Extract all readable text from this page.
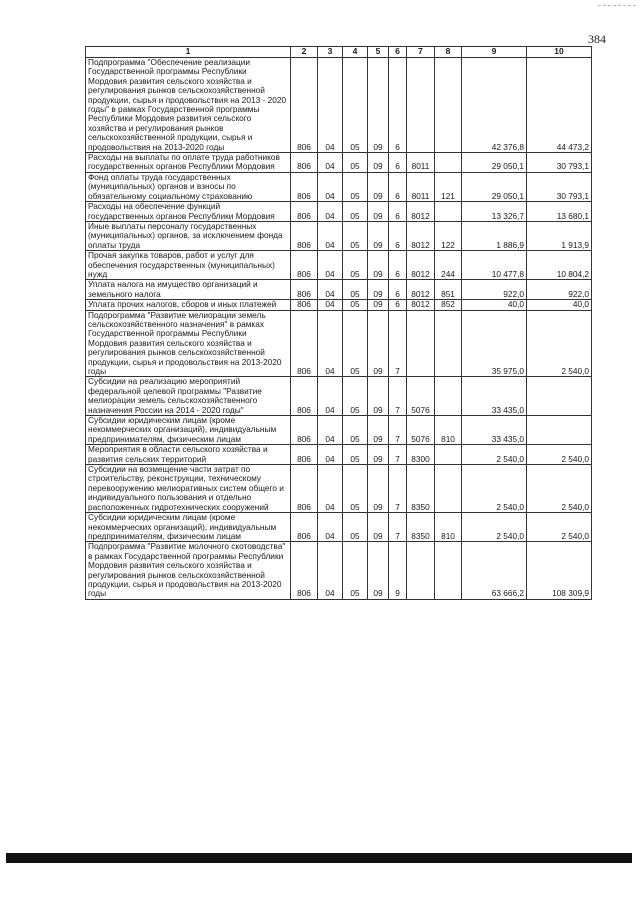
384
1	2	3	4	5	6	7	8	9	10
Подпрограмма "Обеспечение реализации Государственной программы Республики Мордовия развития сельского хозяйства и регулирования рынков сельскохозяйственной продукции, сырья и продовольствия на 2013 - 2020 годы" в рамках Государственной программы Республики Мордовия развития сельского хозяйства и регулирования рынков сельскохозяйственной продукции, сырья и продовольствия на 2013-2020 годы	806	04	05	09	6			42 376,8	44 473,2
Расходы на выплаты по оплате труда работников государственных органов Республики Мордовия	806	04	05	09	6	8011		29 050,1	30 793,1
Фонд оплаты труда государственных (муниципальных) органов и взносы по обязательному социальному страхованию	806	04	05	09	6	8011	121	29 050,1	30 793,1
Расходы на обеспечение функций государственных органов Республики Мордовия	806	04	05	09	6	8012		13 326,7	13 680,1
Иные выплаты персоналу государственных (муниципальных) органов, за исключением фонда оплаты труда	806	04	05	09	6	8012	122	1 886,9	1 913,9
Прочая закупка товаров, работ и услуг для обеспечения государственных (муниципальных) нужд	806	04	05	09	6	8012	244	10 477,8	10 804,2
Уплата налога на имущество организаций и земельного налога	806	04	05	09	6	8012	851	922,0	922,0
Уплата прочих налогов, сборов и иных платежей	806	04	05	09	6	8012	852	40,0	40,0
Подпрограмма "Развитие мелиорации земель сельскохозяйственного назначения" в рамках Государственной программы Республики Мордовия развития сельского хозяйства и регулирования рынков сельскохозяйственной продукции, сырья и продовольствия на 2013-2020 годы	806	04	05	09	7			35 975,0	2 540,0
Субсидии на реализацию мероприятий федеральной целевой программы "Развитие мелиорации земель сельскохозяйственного назначения России на 2014 - 2020 годы"	806	04	05	09	7	5076		33 435,0	
Субсидии юридическим лицам (кроме некоммерческих организаций), индивидуальным предпринимателям, физическим лицам	806	04	05	09	7	5076	810	33 435,0	
Мероприятия в области сельского хозяйства и развития сельских территорий	806	04	05	09	7	8300		2 540,0	2 540,0
Субсидии на возмещение части затрат по строительству, реконструкции, техническому перевооружению мелиоративных систем общего и индивидуального пользования и отдельно расположенных гидротехнических сооружений	806	04	05	09	7	8350		2 540,0	2 540,0
Субсидии юридическим лицам (кроме некоммерческих организаций), индивидуальным предпринимателям, физическим лицам	806	04	05	09	7	8350	810	2 540,0	2 540,0
Подпрограмма "Развитие молочного скотоводства" в рамках Государственной программы Республики Мордовия развития сельского хозяйства и регулирования рынков сельскохозяйственной продукции, сырья и продовольствия на 2013-2020 годы	806	04	05	09	9			63 666,2	108 309,9
